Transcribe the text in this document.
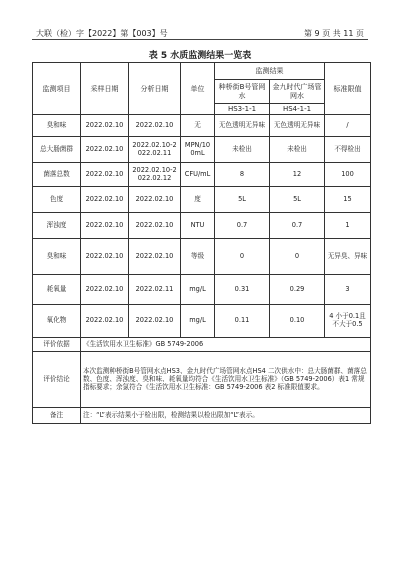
大联（检）字【2022】第【003】号	第 9 页 共 11 页
表 5 水质监测结果一览表
监测项目	采样日期	分析日期	单位	监测结果		标准限值
				种桥街B号管网水	金九时代广场管网水	
				HS3-1-1	HS4-1-1	
臭和味	2022.02.10	2022.02.10	无	无色透明无异味	无色透明无异味	/
总大肠菌群	2022.02.10	2022.02.10-2022.02.11	MPN/100mL	未检出	未检出	不得检出
菌落总数	2022.02.10	2022.02.10-2022.02.12	CFU/mL	8	12	100
色度	2022.02.10	2022.02.10	度	5L	5L	15
浑浊度	2022.02.10	2022.02.10	NTU	0.7	0.7	1
臭和味	2022.02.10	2022.02.10	等级	0	0	无异臭、异味
耗氧量	2022.02.10	2022.02.11	mg/L	0.31	0.29	3
氧化物	2022.02.10	2022.02.10	mg/L	0.11	0.10	4 小于0.1且不大于0.5
评价依据	《生活饮用水卫生标准》GB 5749-2006					
评价结论	本次监测种桥街B号管网水点HS3、金九时代广场管网水点HS4 二次供水中：总大肠菌群、菌落总数、色度、浑浊度、臭和味、耗氧量均符合《生活饮用水卫生标准》（GB 5749-2006）表1 常规指标要求；余氯符合《生活饮用水卫生标准：GB 5749-2006 表2 标准限值要求。					
备注	注：“L”表示结果小于检出限，检测结果以检出限加“L”表示。					
